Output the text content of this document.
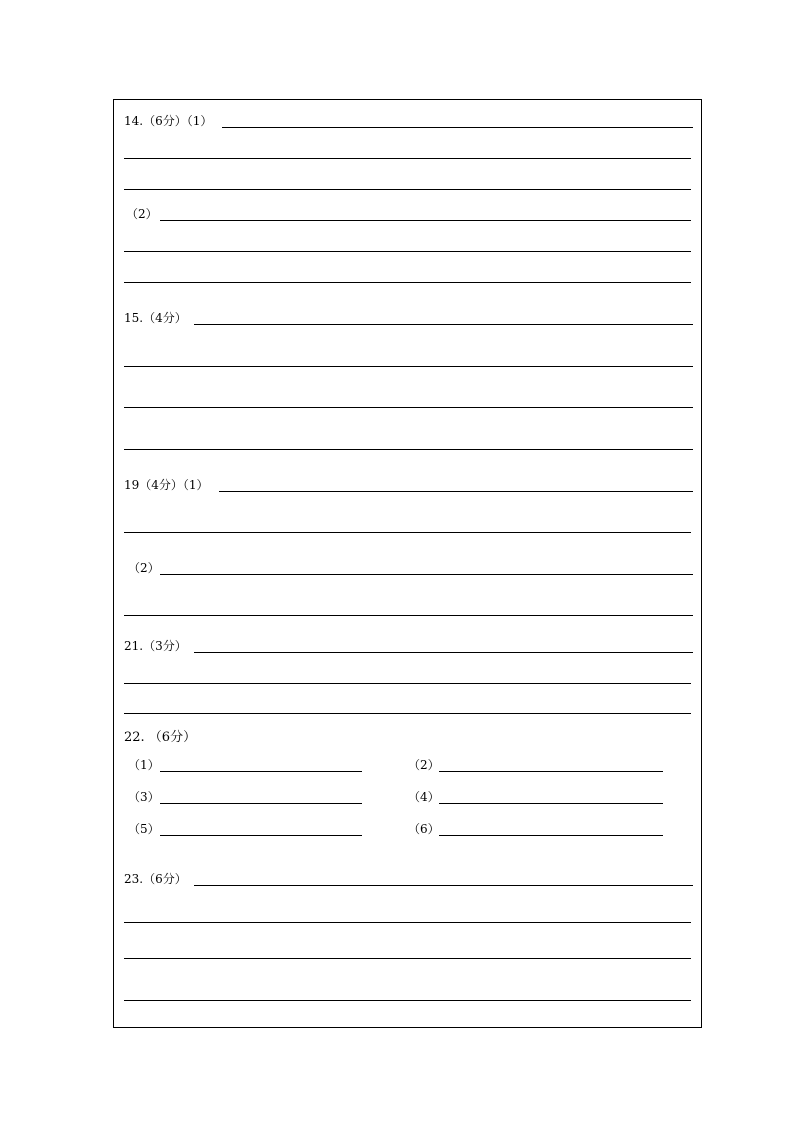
14.（6分）（1）
（2）
15.（4分）
19（4分）（1）
（2）
21.（3分）
22. （6分）
（1）	（2）
（3）	（4）
（5）	（6）
23.（6分）
